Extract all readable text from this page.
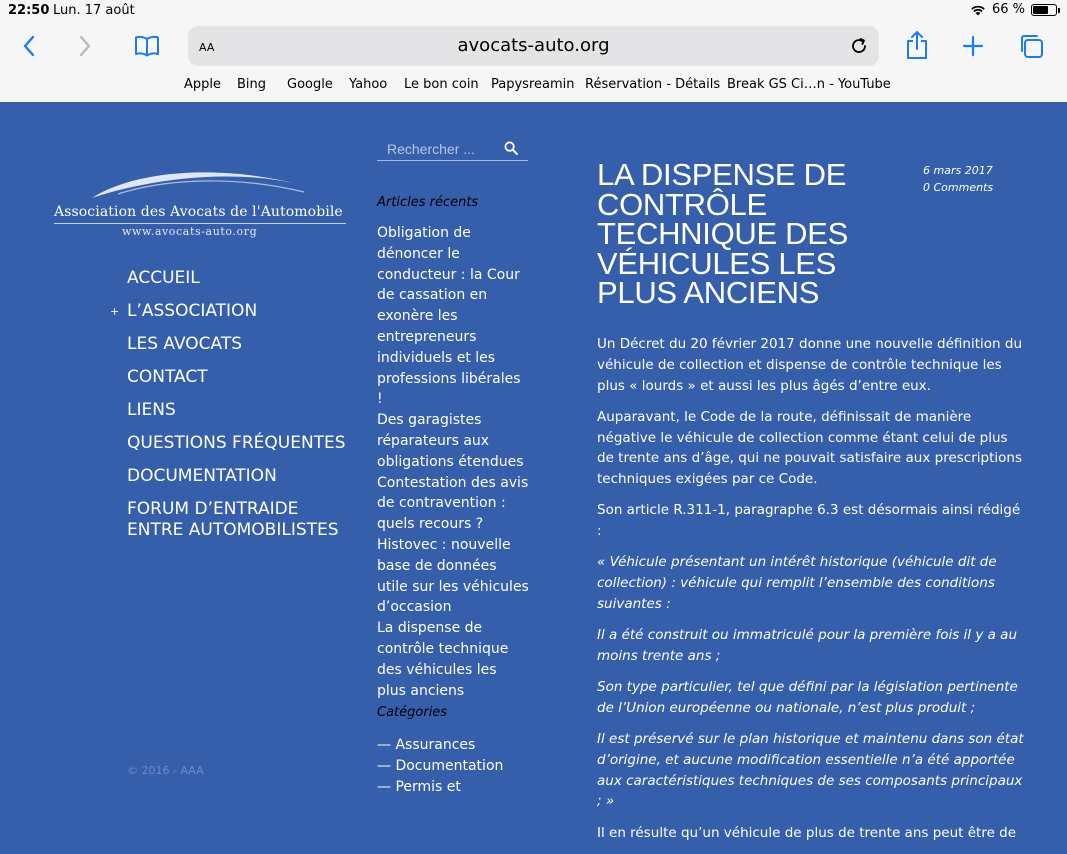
22:50 Lun. 17 août	66 %
AA	avocats-auto.org
Apple Bing Google Yahoo Le bon coin Papysreamin Réservation - Détails Break GS Ci…n - YouTube
Association des Avocats de l'Automobile
www.avocats-auto.org
ACCUEIL
+ L’ASSOCIATION
LES AVOCATS
CONTACT
LIENS
QUESTIONS FRÉQUENTES
DOCUMENTATION
FORUM D’ENTRAIDE ENTRE AUTOMOBILISTES
© 2016 - AAA
Rechercher ...
Articles récents
Obligation de dénoncer le conducteur : la Cour de cassation en exonère les entrepreneurs individuels et les professions libérales !
Des garagistes réparateurs aux obligations étendues
Contestation des avis de contravention : quels recours ?
Histovec : nouvelle base de données utile sur les véhicules d’occasion
La dispense de contrôle technique des véhicules les plus anciens
Catégories
— Assurances
— Documentation
— Permis et
LA DISPENSE DE CONTRÔLE TECHNIQUE DES VÉHICULES LES PLUS ANCIENS
6 mars 2017
0 Comments

Un Décret du 20 février 2017 donne une nouvelle définition du véhicule de collection et dispense de contrôle technique les plus « lourds » et aussi les plus âgés d’entre eux.

Auparavant, le Code de la route, définissait de manière négative le véhicule de collection comme étant celui de plus de trente ans d’âge, qui ne pouvait satisfaire aux prescriptions techniques exigées par ce Code.

Son article R.311-1, paragraphe 6.3 est désormais ainsi rédigé :

« Véhicule présentant un intérêt historique (véhicule dit de collection) : véhicule qui remplit l’ensemble des conditions suivantes :

Il a été construit ou immatriculé pour la première fois il y a au moins trente ans ;

Son type particulier, tel que défini par la législation pertinente de l’Union européenne ou nationale, n’est plus produit ;

Il est préservé sur le plan historique et maintenu dans son état d’origine, et aucune modification essentielle n’a été apportée aux caractéristiques techniques de ses composants principaux ; »

Il en résulte qu’un véhicule de plus de trente ans peut être de
